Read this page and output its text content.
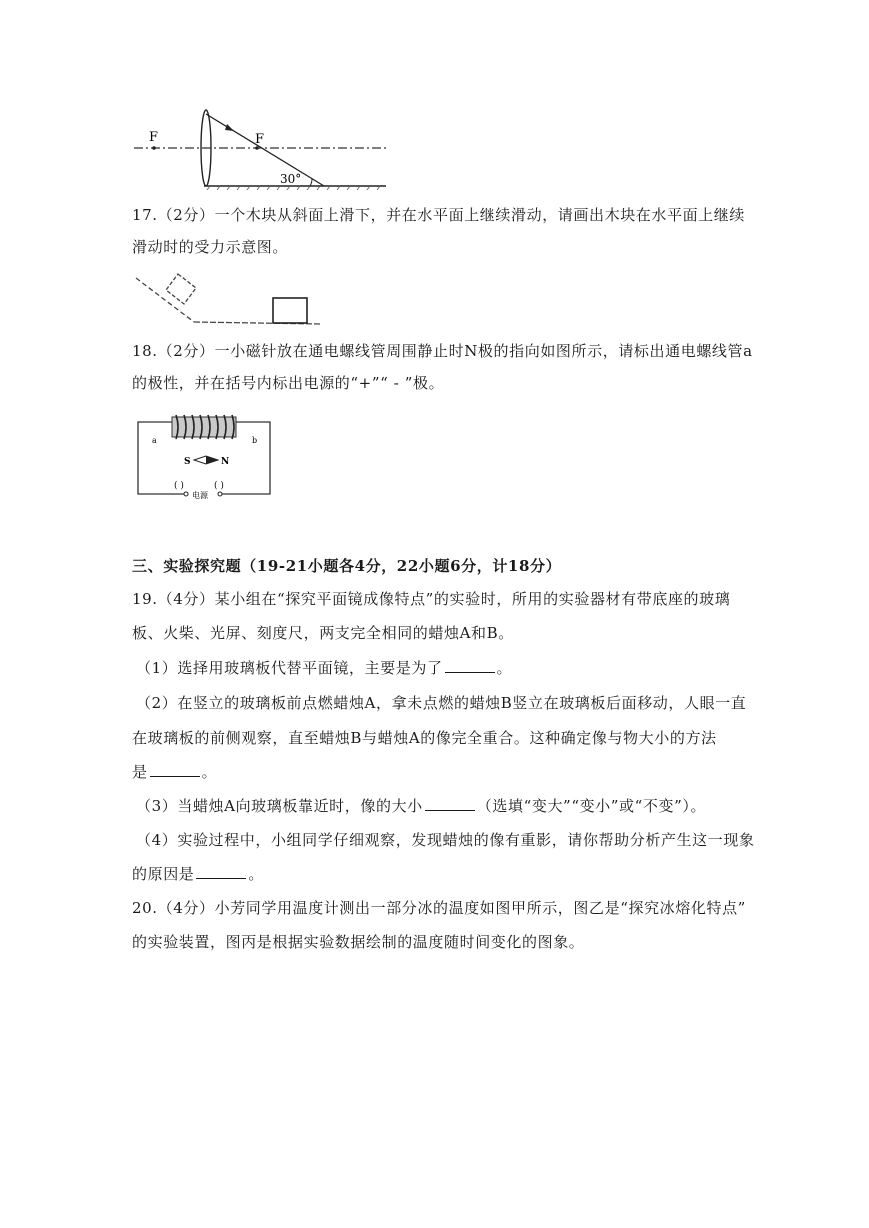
F	F
30°
17.（2分）一个木块从斜面上滑下，并在水平面上继续滑动，请画出木块在水平面上继续
滑动时的受力示意图。
18.（2分）一小磁针放在通电螺线管周围静止时N极的指向如图所示，请标出通电螺线管a
的极性，并在括号内标出电源的“+”“ - ”极。
a	b
S	N
( )	( )
电源
三、实验探究题（19-21小题各4分，22小题6分，计18分）
19.（4分）某小组在“探究平面镜成像特点”的实验时，所用的实验器材有带底座的玻璃
板、火柴、光屏、刻度尺，两支完全相同的蜡烛A和B。
（1）选择用玻璃板代替平面镜，主要是为了	。
（2）在竖立的玻璃板前点燃蜡烛A，拿未点燃的蜡烛B竖立在玻璃板后面移动，人眼一直
在玻璃板的前侧观察，直至蜡烛B与蜡烛A的像完全重合。这种确定像与物大小的方法
是	。
（3）当蜡烛A向玻璃板靠近时，像的大小	（选填“变大”“变小”或“不变”）。
（4）实验过程中，小组同学仔细观察，发现蜡烛的像有重影，请你帮助分析产生这一现象
的原因是	。
20.（4分）小芳同学用温度计测出一部分冰的温度如图甲所示，图乙是“探究冰熔化特点”
的实验装置，图丙是根据实验数据绘制的温度随时间变化的图象。
